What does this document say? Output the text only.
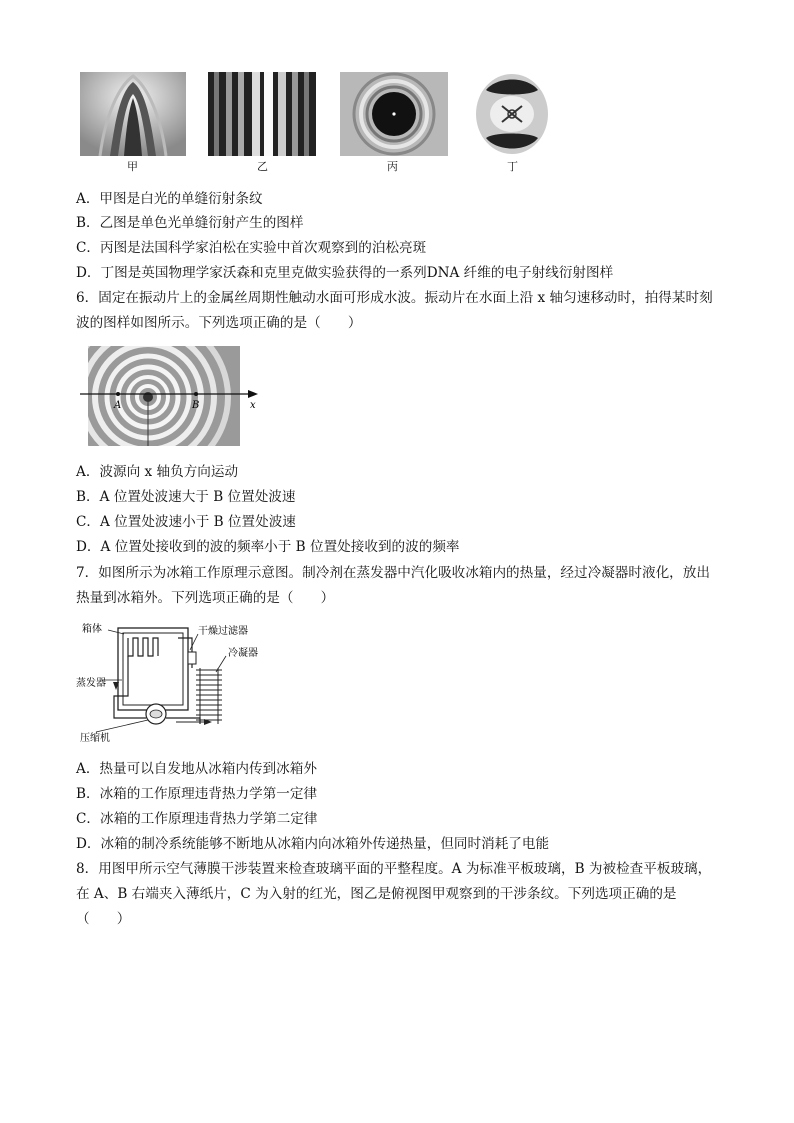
甲	乙	丙	丁
A．甲图是白光的单缝衍射条纹
B．乙图是单色光单缝衍射产生的图样
C．丙图是法国科学家泊松在实验中首次观察到的泊松亮斑
D．丁图是英国物理学家沃森和克里克做实验获得的一系列DNA 纤维的电子射线衍射图样
6．固定在振动片上的金属丝周期性触动水面可形成水波。振动片在水面上沿 x 轴匀速移动时，拍得某时刻
波的图样如图所示。下列选项正确的是（　　）
A	B	x
A．波源向 x 轴负方向运动
B．A 位置处波速大于 B 位置处波速
C．A 位置处波速小于 B 位置处波速
D．A 位置处接收到的波的频率小于 B 位置处接收到的波的频率
7．如图所示为冰箱工作原理示意图。制冷剂在蒸发器中汽化吸收冰箱内的热量，经过冷凝器时液化，放出
热量到冰箱外。下列选项正确的是（　　）
箱体	干燥过滤器
冷凝器
蒸发器
压缩机
A．热量可以自发地从冰箱内传到冰箱外
B．冰箱的工作原理违背热力学第一定律
C．冰箱的工作原理违背热力学第二定律
D．冰箱的制冷系统能够不断地从冰箱内向冰箱外传递热量，但同时消耗了电能
8．用图甲所示空气薄膜干涉装置来检查玻璃平面的平整程度。A 为标准平板玻璃，B 为被检查平板玻璃，
在 A、B 右端夹入薄纸片，C 为入射的红光，图乙是俯视图甲观察到的干涉条纹。下列选项正确的是
（　　）
